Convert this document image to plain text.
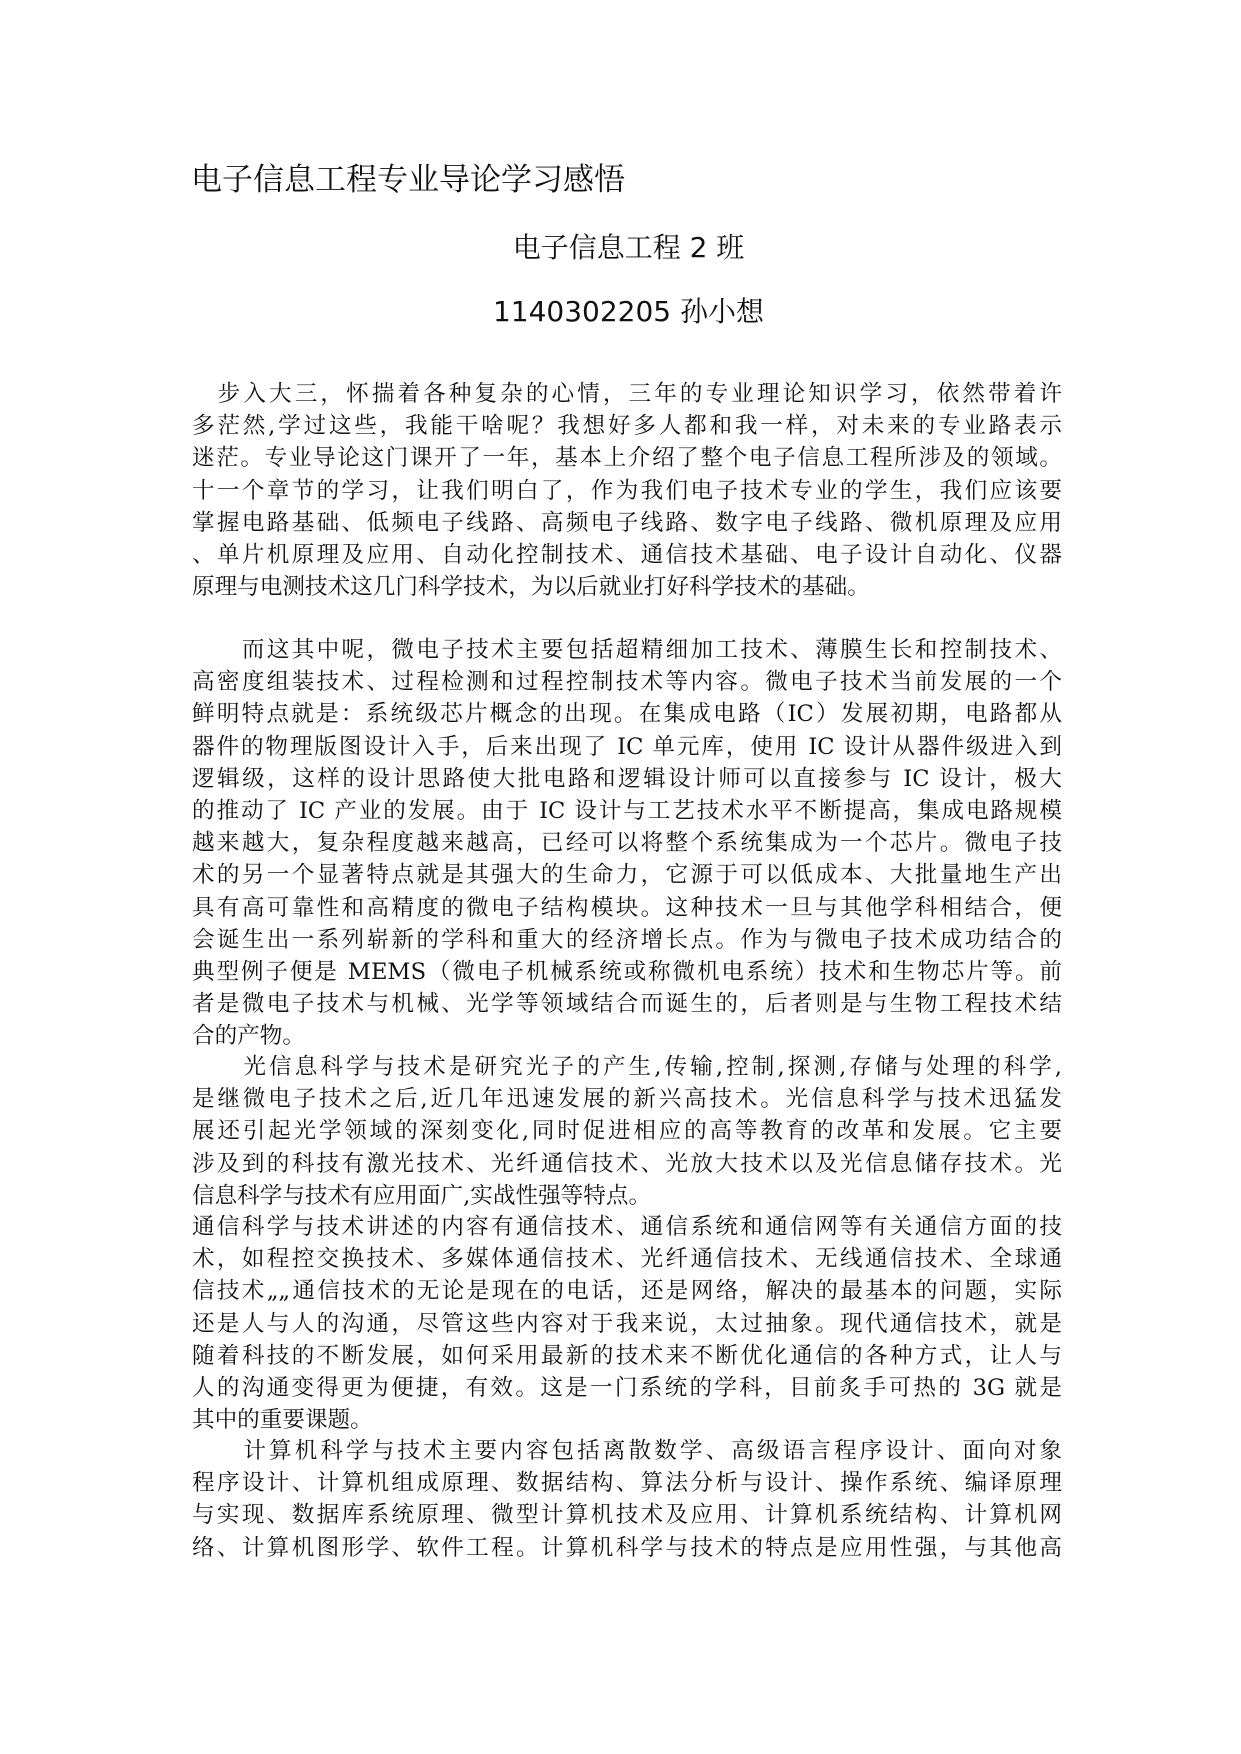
电子信息工程专业导论学习感悟
电子信息工程 2 班
1140302205 孙小想
　步入大三，怀揣着各种复杂的心情，三年的专业理论知识学习，依然带着许
多茫然,学过这些，我能干啥呢？我想好多人都和我一样，对未来的专业路表示
迷茫。专业导论这门课开了一年，基本上介绍了整个电子信息工程所涉及的领域。
十一个章节的学习，让我们明白了，作为我们电子技术专业的学生，我们应该要
掌握电路基础、低频电子线路、高频电子线路、数字电子线路、微机原理及应用
、单片机原理及应用、自动化控制技术、通信技术基础、电子设计自动化、仪器
原理与电测技术这几门科学技术，为以后就业打好科学技术的基础。
　　而这其中呢，微电子技术主要包括超精细加工技术、薄膜生长和控制技术、
高密度组装技术、过程检测和过程控制技术等内容。微电子技术当前发展的一个
鲜明特点就是：系统级芯片概念的出现。在集成电路（IC）发展初期，电路都从
器件的物理版图设计入手，后来出现了 IC 单元库，使用 IC 设计从器件级进入到
逻辑级，这样的设计思路使大批电路和逻辑设计师可以直接参与 IC 设计，极大
的推动了 IC 产业的发展。由于 IC 设计与工艺技术水平不断提高，集成电路规模
越来越大，复杂程度越来越高，已经可以将整个系统集成为一个芯片。微电子技
术的另一个显著特点就是其强大的生命力，它源于可以低成本、大批量地生产出
具有高可靠性和高精度的微电子结构模块。这种技术一旦与其他学科相结合，便
会诞生出一系列崭新的学科和重大的经济增长点。作为与微电子技术成功结合的
典型例子便是 MEMS（微电子机械系统或称微机电系统）技术和生物芯片等。前
者是微电子技术与机械、光学等领域结合而诞生的，后者则是与生物工程技术结
合的产物。
　　光信息科学与技术是研究光子的产生,传输,控制,探测,存储与处理的科学,
是继微电子技术之后,近几年迅速发展的新兴高技术。光信息科学与技术迅猛发
展还引起光学领域的深刻变化,同时促进相应的高等教育的改革和发展。它主要
涉及到的科技有激光技术、光纤通信技术、光放大技术以及光信息储存技术。光
信息科学与技术有应用面广,实战性强等特点。
通信科学与技术讲述的内容有通信技术、通信系统和通信网等有关通信方面的技
术，如程控交换技术、多媒体通信技术、光纤通信技术、无线通信技术、全球通
信技术„„通信技术的无论是现在的电话，还是网络，解决的最基本的问题，实际
还是人与人的沟通，尽管这些内容对于我来说，太过抽象。现代通信技术，就是
随着科技的不断发展，如何采用最新的技术来不断优化通信的各种方式，让人与
人的沟通变得更为便捷，有效。这是一门系统的学科，目前炙手可热的 3G 就是
其中的重要课题。
　　计算机科学与技术主要内容包括离散数学、高级语言程序设计、面向对象
程序设计、计算机组成原理、数据结构、算法分析与设计、操作系统、编译原理
与实现、数据库系统原理、微型计算机技术及应用、计算机系统结构、计算机网
络、计算机图形学、软件工程。计算机科学与技术的特点是应用性强，与其他高
